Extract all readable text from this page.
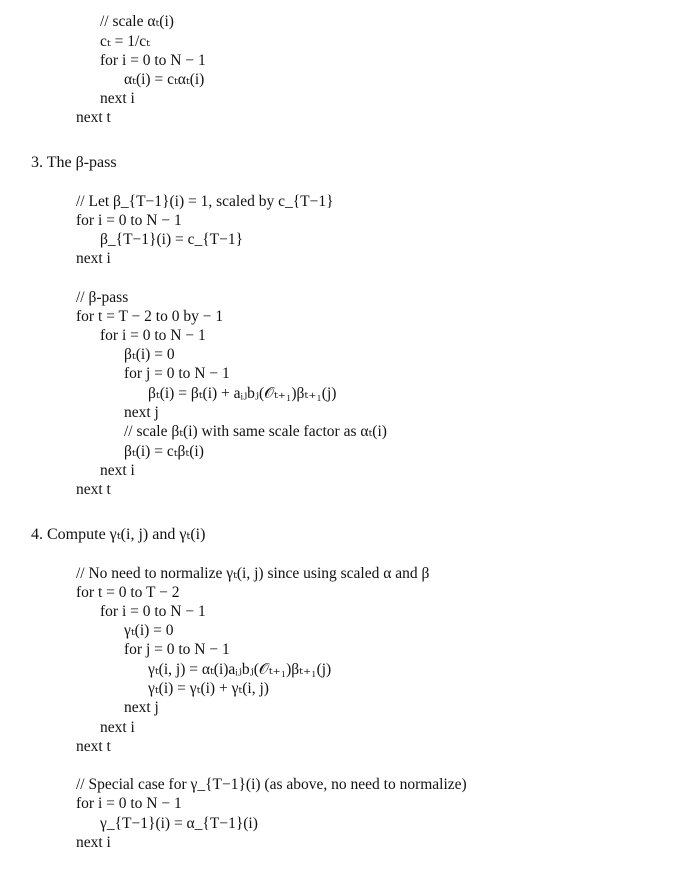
// scale αₜ(i)
cₜ = 1/cₜ
for i = 0 to N − 1
αₜ(i) = cₜαₜ(i)
next i
next t
3. The β-pass
// Let β_{T−1}(i) = 1, scaled by c_{T−1}
for i = 0 to N − 1
β_{T−1}(i) = c_{T−1}
next i
// β-pass
for t = T − 2 to 0 by − 1
for i = 0 to N − 1
βₜ(i) = 0
for j = 0 to N − 1
βₜ(i) = βₜ(i) + aᵢⱼbⱼ(𝒪ₜ₊₁)βₜ₊₁(j)
next j
// scale βₜ(i) with same scale factor as αₜ(i)
βₜ(i) = cₜβₜ(i)
next i
next t
4. Compute γₜ(i, j) and γₜ(i)
// No need to normalize γₜ(i, j) since using scaled α and β
for t = 0 to T − 2
for i = 0 to N − 1
γₜ(i) = 0
for j = 0 to N − 1
γₜ(i, j) = αₜ(i)aᵢⱼbⱼ(𝒪ₜ₊₁)βₜ₊₁(j)
γₜ(i) = γₜ(i) + γₜ(i, j)
next j
next i
next t
// Special case for γ_{T−1}(i) (as above, no need to normalize)
for i = 0 to N − 1
γ_{T−1}(i) = α_{T−1}(i)
next i
